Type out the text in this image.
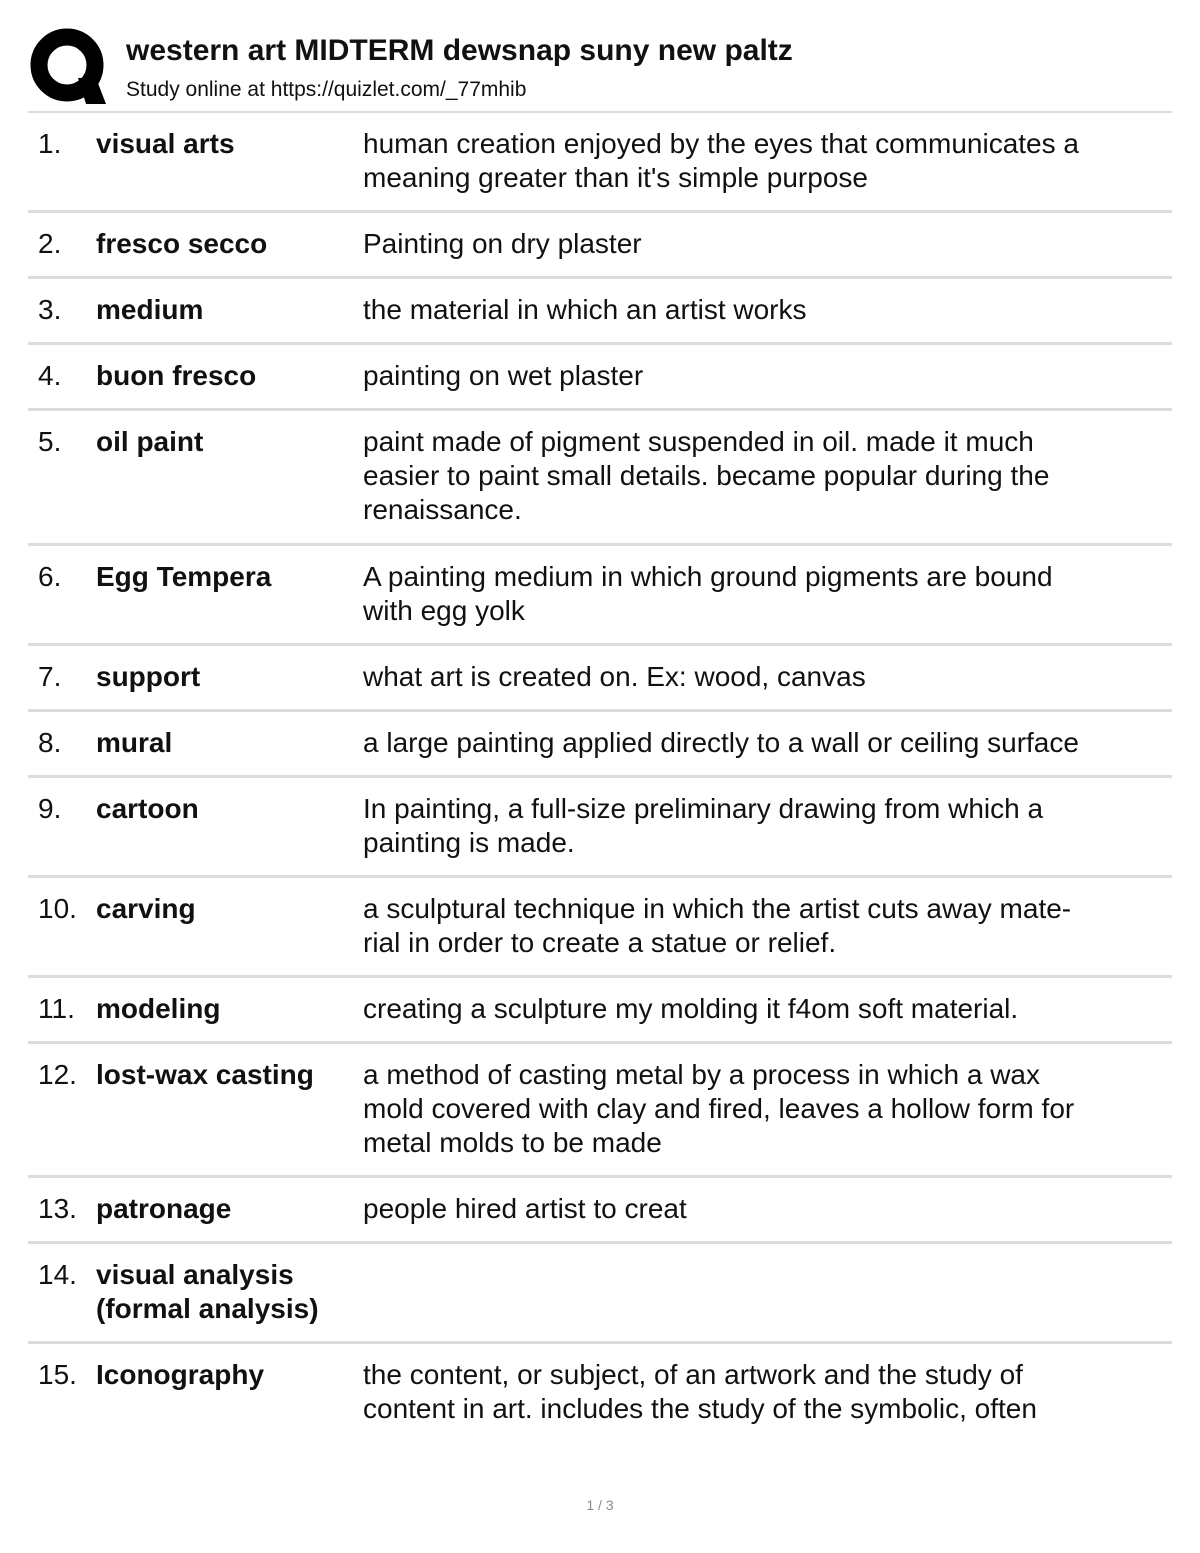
western art MIDTERM dewsnap suny new paltz
Study online at https://quizlet.com/_77mhib
1.	visual arts	human creation enjoyed by the eyes that communicates a
meaning greater than it's simple purpose
2.	fresco secco	Painting on dry plaster
3.	medium	the material in which an artist works
4.	buon fresco	painting on wet plaster
5.	oil paint	paint made of pigment suspended in oil. made it much
easier to paint small details. became popular during the
renaissance.
6.	Egg Tempera	A painting medium in which ground pigments are bound
with egg yolk
7.	support	what art is created on. Ex: wood, canvas
8.	mural	a large painting applied directly to a wall or ceiling surface
9.	cartoon	In painting, a full-size preliminary drawing from which a
painting is made.
10. carving	a sculptural technique in which the artist cuts away mate-
rial in order to create a statue or relief.
11. modeling	creating a sculpture my molding it f4om soft material.
12. lost-wax casting	a method of casting metal by a process in which a wax
mold covered with clay and fired, leaves a hollow form for
metal molds to be made
13. patronage	people hired artist to creat
14. visual analysis (formal analysis)
15. Iconography	the content, or subject, of an artwork and the study of
content in art. includes the study of the symbolic, often
1 / 3
